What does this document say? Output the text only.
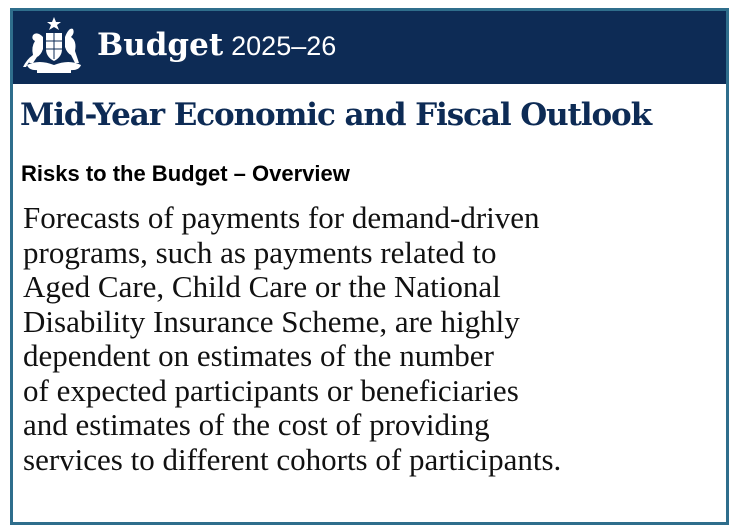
Budget 2025–26
Mid-Year Economic and Fiscal Outlook
Risks to the Budget – Overview

Forecasts of payments for demand-driven
programs, such as payments related to
Aged Care, Child Care or the National
Disability Insurance Scheme, are highly
dependent on estimates of the number
of expected participants or beneficiaries
and estimates of the cost of providing
services to different cohorts of participants.
